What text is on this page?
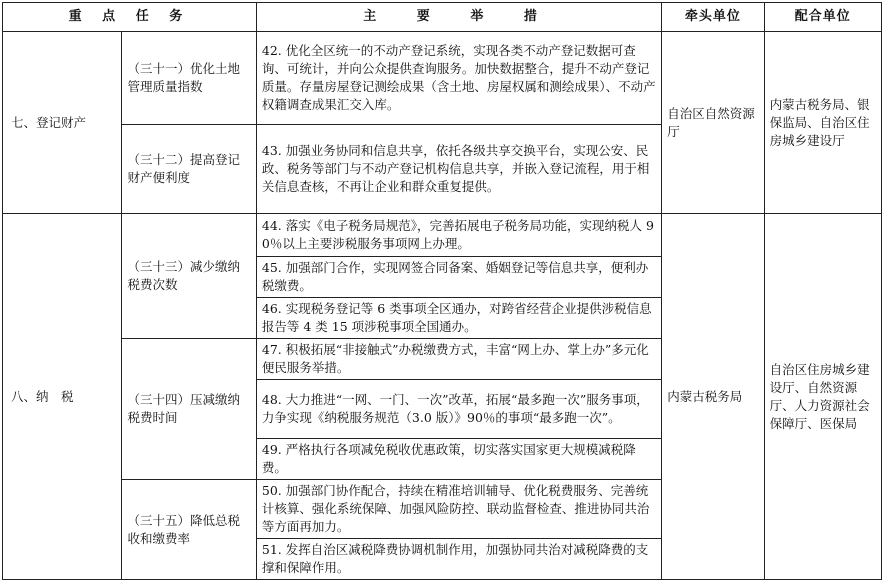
重 点 任 务		主 要 举 措	牵头单位	配合单位
七、登记财产	（三十一）优化土地管理质量指数	42. 优化全区统一的不动产登记系统，实现各类不动产登记数据可查询、可统计，并向公众提供查询服务。加快数据整合，提升不动产登记质量。存量房屋登记测绘成果（含土地、房屋权属和测绘成果）、不动产权籍调查成果汇交入库。	自治区自然资源厅	内蒙古税务局、银保监局、自治区住房城乡建设厅
	（三十二）提高登记财产便利度	43. 加强业务协同和信息共享，依托各级共享交换平台，实现公安、民政、税务等部门与不动产登记机构信息共享，并嵌入登记流程，用于相关信息查核，不再让企业和群众重复提供。		
八、纳　税	（三十三）减少缴纳税费次数	44. 落实《电子税务局规范》，完善拓展电子税务局功能，实现纳税人 90％以上主要涉税服务事项网上办理。	内蒙古税务局	自治区住房城乡建设厅、自然资源厅、人力资源社会保障厅、医保局
		45. 加强部门合作，实现网签合同备案、婚姻登记等信息共享，便利办税缴费。		
		46. 实现税务登记等 6 类事项全区通办，对跨省经营企业提供涉税信息报告等 4 类 15 项涉税事项全国通办。		
	（三十四）压减缴纳税费时间	47. 积极拓展“非接触式”办税缴费方式，丰富“网上办、掌上办”多元化便民服务举措。		
		48. 大力推进“一网、一门、一次”改革，拓展“最多跑一次”服务事项，力争实现《纳税服务规范（3.0 版）》90％的事项“最多跑一次”。		
		49. 严格执行各项减免税收优惠政策，切实落实国家更大规模减税降费。		
	（三十五）降低总税收和缴费率	50. 加强部门协作配合，持续在精准培训辅导、优化税费服务、完善统计核算、强化系统保障、加强风险防控、联动监督检查、推进协同共治等方面再加力。		
		51. 发挥自治区减税降费协调机制作用，加强协同共治对减税降费的支撑和保障作用。		
